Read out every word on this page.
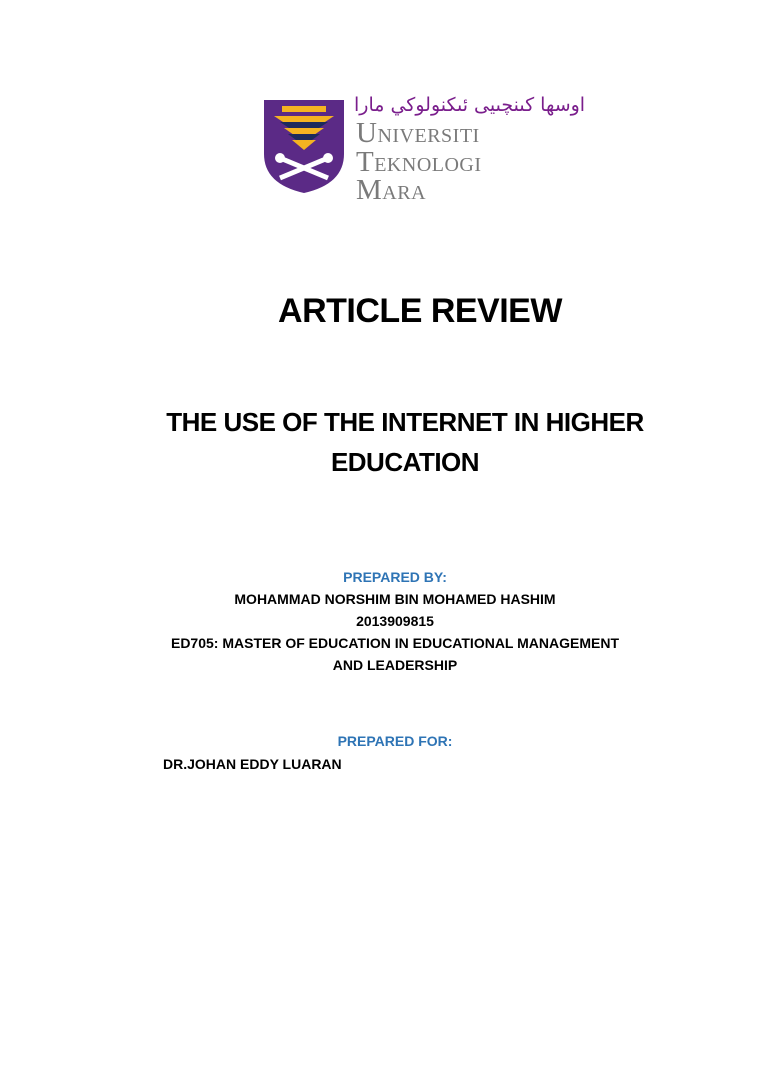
اوسها كىنچىيى ئىكنولوكي مارا
Universiti
Teknologi
Mara
ARTICLE REVIEW
THE USE OF THE INTERNET IN HIGHER
EDUCATION
PREPARED BY:
MOHAMMAD NORSHIM BIN MOHAMED HASHIM
2013909815
ED705: MASTER OF EDUCATION IN EDUCATIONAL MANAGEMENT
AND LEADERSHIP
PREPARED FOR:
DR.JOHAN EDDY LUARAN
